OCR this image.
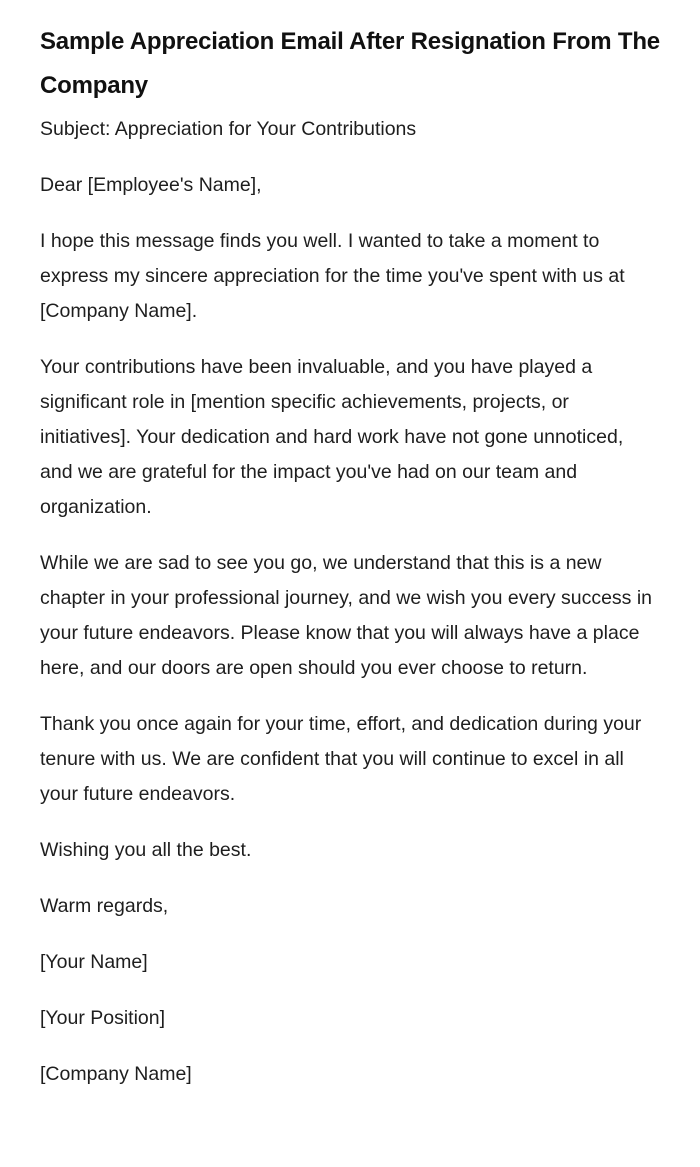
Sample Appreciation Email After Resignation From The Company

Subject: Appreciation for Your Contributions

Dear [Employee's Name],

I hope this message finds you well. I wanted to take a moment to express my sincere appreciation for the time you've spent with us at [Company Name].

Your contributions have been invaluable, and you have played a significant role in [mention specific achievements, projects, or initiatives]. Your dedication and hard work have not gone unnoticed, and we are grateful for the impact you've had on our team and organization.

While we are sad to see you go, we understand that this is a new chapter in your professional journey, and we wish you every success in your future endeavors. Please know that you will always have a place here, and our doors are open should you ever choose to return.

Thank you once again for your time, effort, and dedication during your tenure with us. We are confident that you will continue to excel in all your future endeavors.

Wishing you all the best.

Warm regards,

[Your Name]

[Your Position]

[Company Name]
